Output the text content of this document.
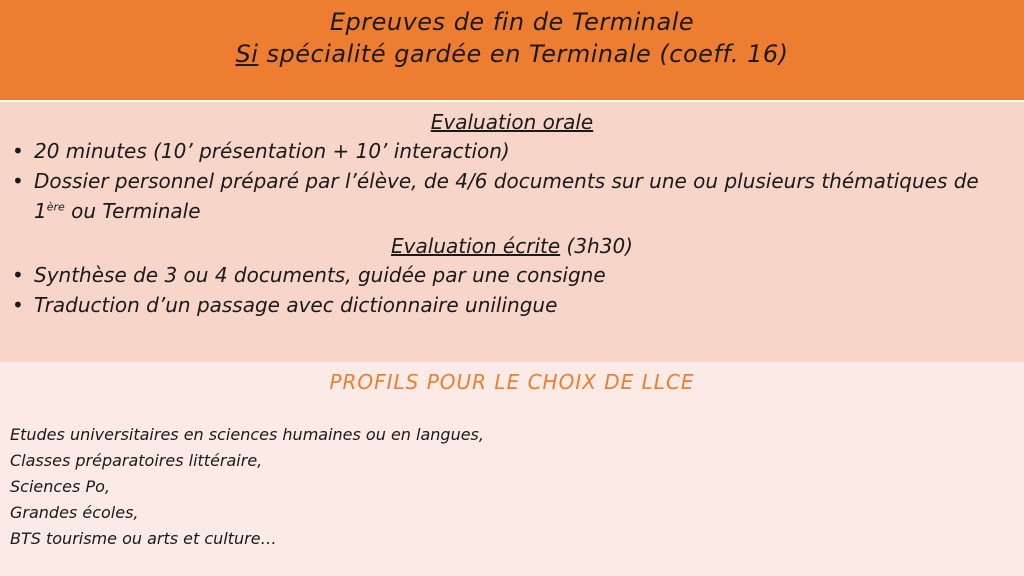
Epreuves de fin de Terminale
Si spécialité gardée en Terminale (coeff. 16)
Evaluation orale
• 20 minutes (10’ présentation + 10’ interaction)
• Dossier personnel préparé par l’élève, de 4/6 documents sur une ou plusieurs thématiques de 1ère ou Terminale
Evaluation écrite (3h30)
• Synthèse de 3 ou 4 documents, guidée par une consigne
• Traduction d’un passage avec dictionnaire unilingue
PROFILS POUR LE CHOIX DE LLCE
Etudes universitaires en sciences humaines ou en langues,
Classes préparatoires littéraire,
Sciences Po,
Grandes écoles,
BTS tourisme ou arts et culture…
